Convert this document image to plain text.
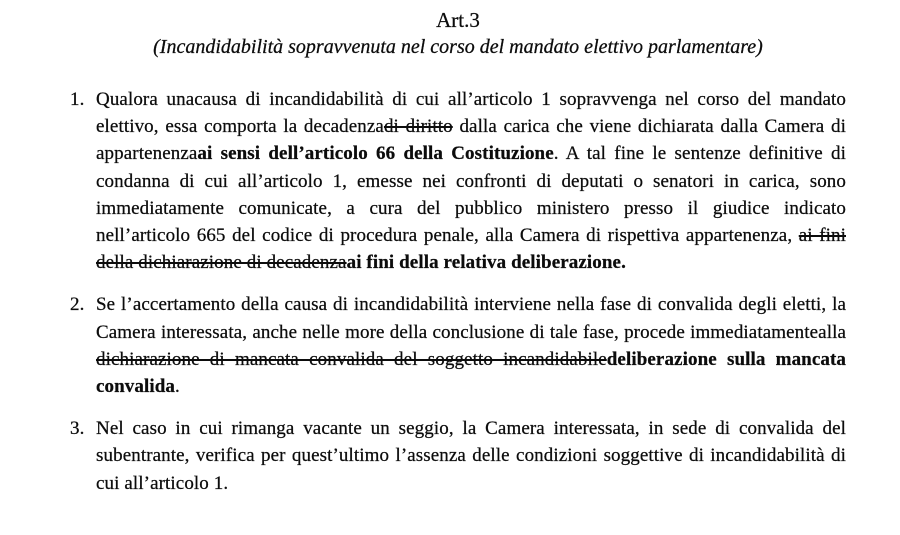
Art.3
(Incandidabilità sopravvenuta nel corso del mandato elettivo parlamentare)
1. Qualora unacausa di incandidabilità di cui all’articolo 1 sopravvenga nel corso del mandato elettivo, essa comporta la decadenzadi diritto dalla carica che viene dichiarata dalla Camera di appartenenzaai sensi dell’articolo 66 della Costituzione. A tal fine le sentenze definitive di condanna di cui all’articolo 1, emesse nei confronti di deputati o senatori in carica, sono immediatamente comunicate, a cura del pubblico ministero presso il giudice indicato nell’articolo 665 del codice di procedura penale, alla Camera di rispettiva appartenenza, ai fini della dichiarazione di decadenzaai fini della relativa deliberazione.
2. Se l’accertamento della causa di incandidabilità interviene nella fase di convalida degli eletti, la Camera interessata, anche nelle more della conclusione di tale fase, procede immediatamentealla dichiarazione di mancata convalida del soggetto incandidabiledeliberazione sulla mancata convalida.
3. Nel caso in cui rimanga vacante un seggio, la Camera interessata, in sede di convalida del subentrante, verifica per quest’ultimo l’assenza delle condizioni soggettive di incandidabilità di cui all’articolo 1.
